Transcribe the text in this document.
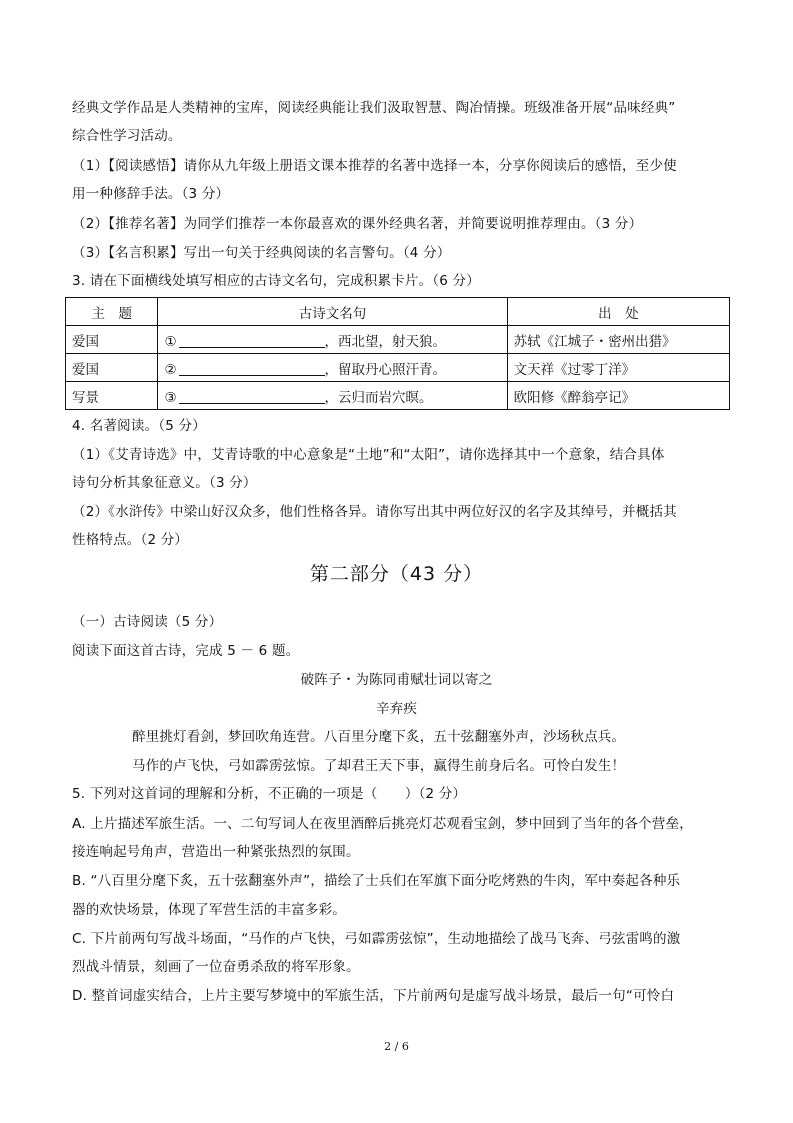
经典文学作品是人类精神的宝库，阅读经典能让我们汲取智慧、陶冶情操。班级准备开展“品味经典”
综合性学习活动。
（1）【阅读感悟】请你从九年级上册语文课本推荐的名著中选择一本，分享你阅读后的感悟，至少使
用一种修辞手法。（3 分）
（2）【推荐名著】为同学们推荐一本你最喜欢的课外经典名著，并简要说明推荐理由。（3 分）
（3）【名言积累】写出一句关于经典阅读的名言警句。（4 分）
3. 请在下面横线处填写相应的古诗文名句，完成积累卡片。（6 分）
主　题	古诗文名句	出　处
爱国	① ，西北望，射天狼。	苏轼《江城子・密州出猎》
爱国	② ，留取丹心照汗青。	文天祥《过零丁洋》
写景	③ ，云归而岩穴暝。	欧阳修《醉翁亭记》
4. 名著阅读。（5 分）
（1）《艾青诗选》中，艾青诗歌的中心意象是“土地”和“太阳”，请你选择其中一个意象，结合具体
诗句分析其象征意义。（3 分）
（2）《水浒传》中梁山好汉众多，他们性格各异。请你写出其中两位好汉的名字及其绰号，并概括其
性格特点。（2 分）
第二部分（43 分）
（一）古诗阅读（5 分）
阅读下面这首古诗，完成 5 － 6 题。
破阵子・为陈同甫赋壮词以寄之
辛弃疾
醉里挑灯看剑，梦回吹角连营。八百里分麾下炙，五十弦翻塞外声，沙场秋点兵。
马作的卢飞快，弓如霹雳弦惊。了却君王天下事，赢得生前身后名。可怜白发生！
5. 下列对这首词的理解和分析，不正确的一项是（　　）（2 分）
A. 上片描述军旅生活。一、二句写词人在夜里酒醉后挑亮灯芯观看宝剑，梦中回到了当年的各个营垒，
接连响起号角声，营造出一种紧张热烈的氛围。
B. “八百里分麾下炙，五十弦翻塞外声”，描绘了士兵们在军旗下面分吃烤熟的牛肉，军中奏起各种乐
器的欢快场景，体现了军营生活的丰富多彩。
C. 下片前两句写战斗场面，“马作的卢飞快，弓如霹雳弦惊”，生动地描绘了战马飞奔、弓弦雷鸣的激
烈战斗情景，刻画了一位奋勇杀敌的将军形象。
D. 整首词虚实结合，上片主要写梦境中的军旅生活，下片前两句是虚写战斗场景，最后一句“可怜白
2 / 6
